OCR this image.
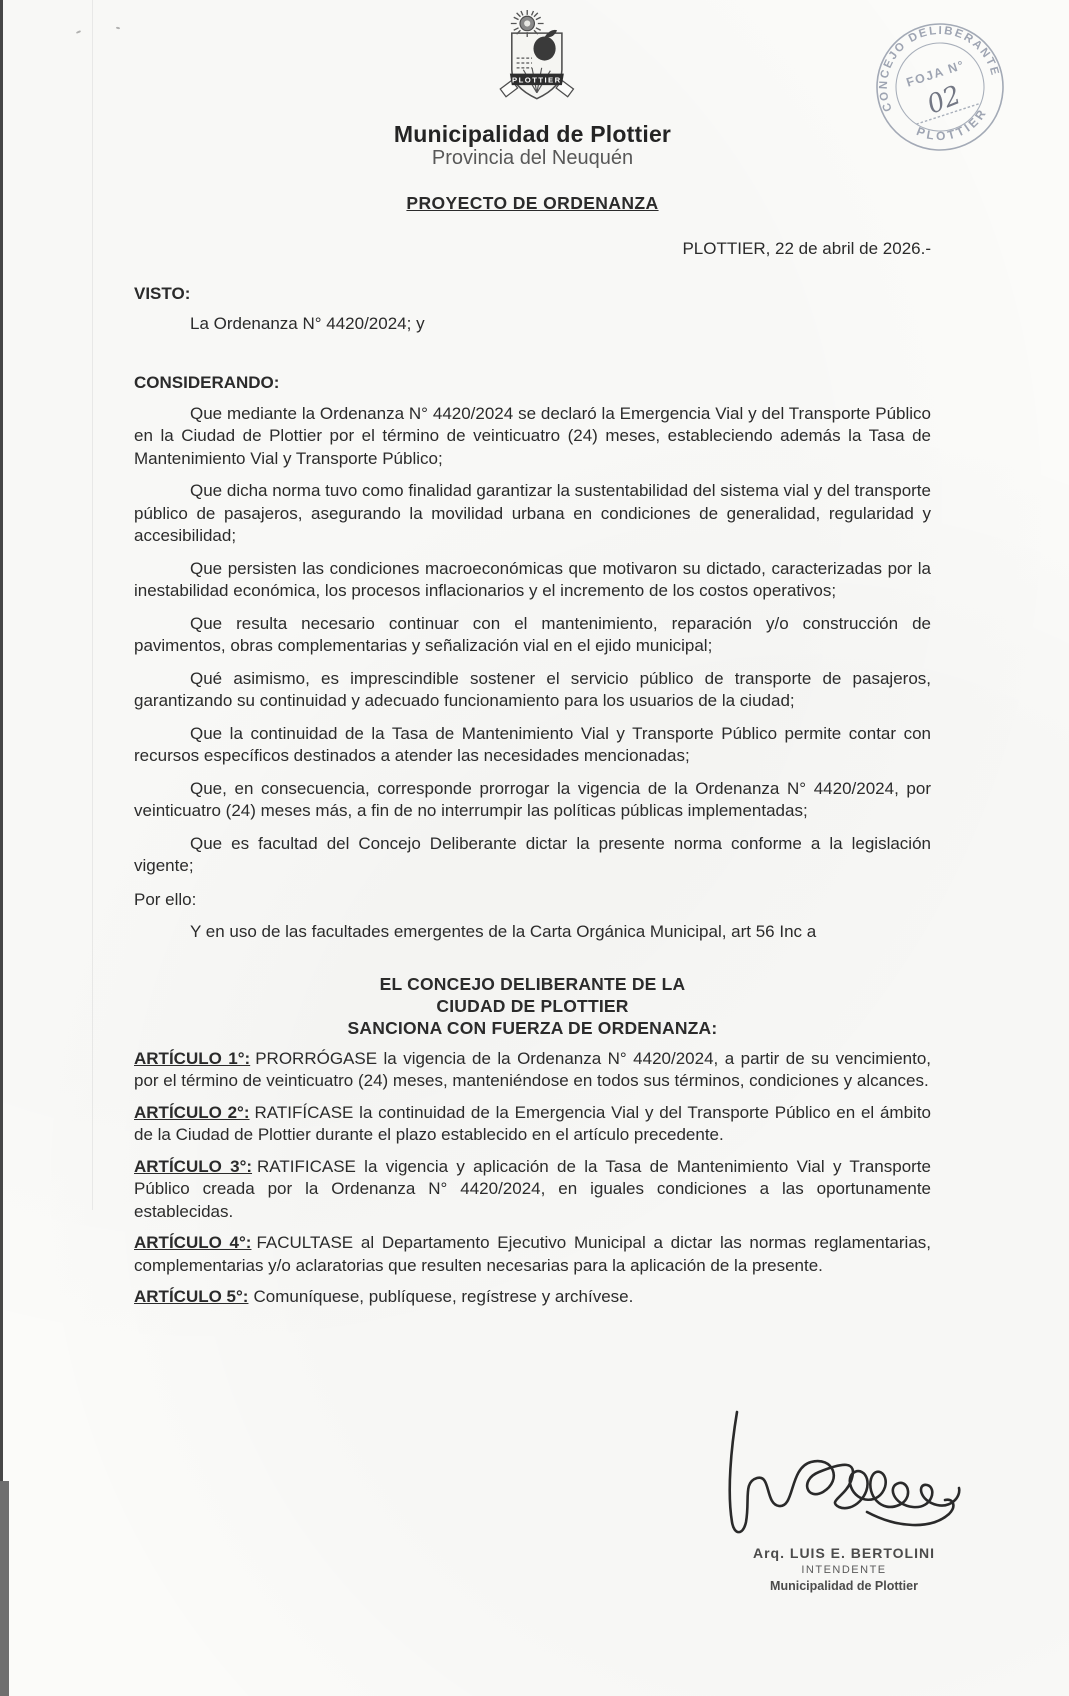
CONCEJO DELIBERANTE
PLOTTIER
FOJA N°
02
PLOTTIER
Municipalidad de Plottier
Provincia del Neuquén
PROYECTO DE ORDENANZA
PLOTTIER, 22 de abril de 2026.-
VISTO:

La Ordenanza N° 4420/2024; y

CONSIDERANDO:

Que mediante la Ordenanza N° 4420/2024 se declaró la Emergencia Vial y del Transporte Público en la Ciudad de Plottier por el término de veinticuatro (24) meses, estableciendo además la Tasa de Mantenimiento Vial y Transporte Público;

Que dicha norma tuvo como finalidad garantizar la sustentabilidad del sistema vial y del transporte público de pasajeros, asegurando la movilidad urbana en condiciones de generalidad, regularidad y accesibilidad;

Que persisten las condiciones macroeconómicas que motivaron su dictado, caracterizadas por la inestabilidad económica, los procesos inflacionarios y el incremento de los costos operativos;

Que resulta necesario continuar con el mantenimiento, reparación y/o construcción de pavimentos, obras complementarias y señalización vial en el ejido municipal;

Qué asimismo, es imprescindible sostener el servicio público de transporte de pasajeros, garantizando su continuidad y adecuado funcionamiento para los usuarios de la ciudad;

Que la continuidad de la Tasa de Mantenimiento Vial y Transporte Público permite contar con recursos específicos destinados a atender las necesidades mencionadas;

Que, en consecuencia, corresponde prorrogar la vigencia de la Ordenanza N° 4420/2024, por veinticuatro (24) meses más, a fin de no interrumpir las políticas públicas implementadas;

Que es facultad del Concejo Deliberante dictar la presente norma conforme a la legislación vigente;

Por ello:

Y en uso de las facultades emergentes de la Carta Orgánica Municipal, art 56 Inc a

EL CONCEJO DELIBERANTE DE LA
CIUDAD DE PLOTTIER
SANCIONA CON FUERZA DE ORDENANZA:

ARTÍCULO 1°: PRORRÓGASE la vigencia de la Ordenanza N° 4420/2024, a partir de su vencimiento, por el término de veinticuatro (24) meses, manteniéndose en todos sus términos, condiciones y alcances.

ARTÍCULO 2°: RATIFÍCASE la continuidad de la Emergencia Vial y del Transporte Público en el ámbito de la Ciudad de Plottier durante el plazo establecido en el artículo precedente.

ARTÍCULO 3°: RATIFICASE la vigencia y aplicación de la Tasa de Mantenimiento Vial y Transporte Público creada por la Ordenanza N° 4420/2024, en iguales condiciones a las oportunamente establecidas.

ARTÍCULO 4°: FACULTASE al Departamento Ejecutivo Municipal a dictar las normas reglamentarias, complementarias y/o aclaratorias que resulten necesarias para la aplicación de la presente.

ARTÍCULO 5°: Comuníquese, publíquese, regístrese y archívese.

Arq. LUIS E. BERTOLINI
INTENDENTE
Municipalidad de Plottier
